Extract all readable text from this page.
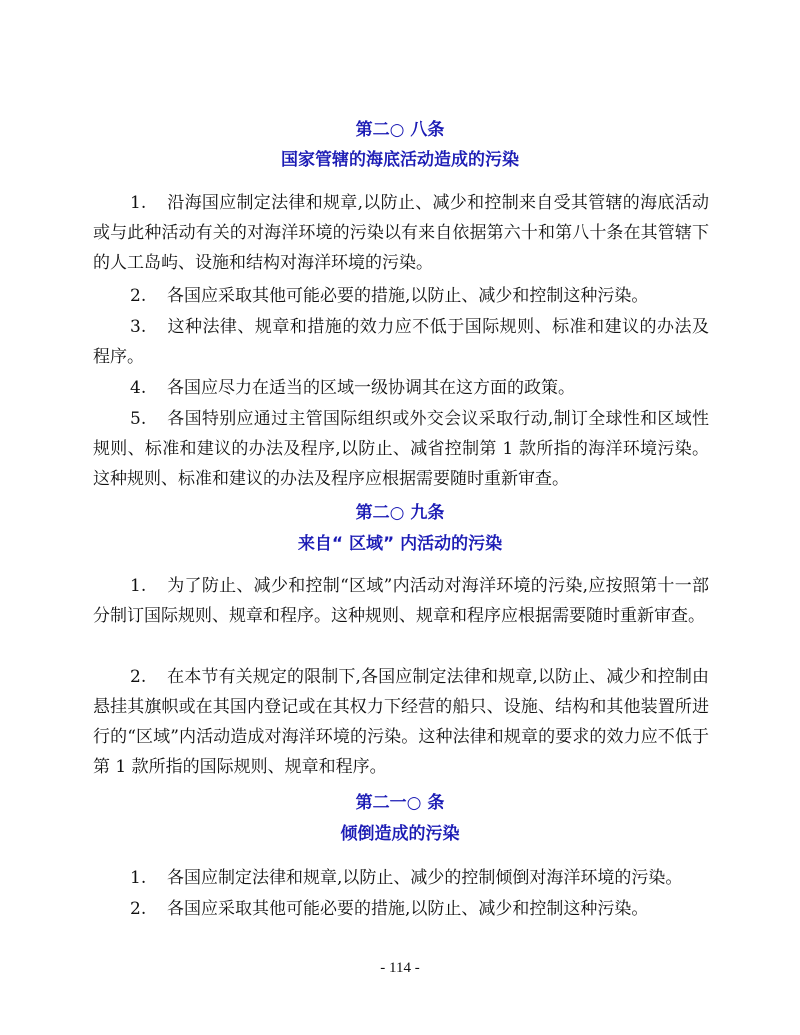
第二○ 八条
国家管辖的海底活动造成的污染
1. 沿海国应制定法律和规章,以防止、减少和控制来自受其管辖的海底活动或与此种活动有关的对海洋环境的污染以有来自依据第六十和第八十条在其管辖下的人工岛屿、设施和结构对海洋环境的污染。
2. 各国应采取其他可能必要的措施,以防止、减少和控制这种污染。
3. 这种法律、规章和措施的效力应不低于国际规则、标准和建议的办法及程序。
4. 各国应尽力在适当的区域一级协调其在这方面的政策。
5. 各国特别应通过主管国际组织或外交会议采取行动,制订全球性和区域性规则、标准和建议的办法及程序,以防止、减省控制第 1 款所指的海洋环境污染。这种规则、标准和建议的办法及程序应根据需要随时重新审查。
第二○ 九条
来自“ 区域” 内活动的污染
1. 为了防止、减少和控制“区域”内活动对海洋环境的污染,应按照第十一部分制订国际规则、规章和程序。这种规则、规章和程序应根据需要随时重新审查。
2. 在本节有关规定的限制下,各国应制定法律和规章,以防止、减少和控制由悬挂其旗帜或在其国内登记或在其权力下经营的船只、设施、结构和其他装置所进行的“区域”内活动造成对海洋环境的污染。这种法律和规章的要求的效力应不低于第 1 款所指的国际规则、规章和程序。
第二一○ 条
倾倒造成的污染
1. 各国应制定法律和规章,以防止、减少的控制倾倒对海洋环境的污染。
2. 各国应采取其他可能必要的措施,以防止、减少和控制这种污染。
- 114 -
